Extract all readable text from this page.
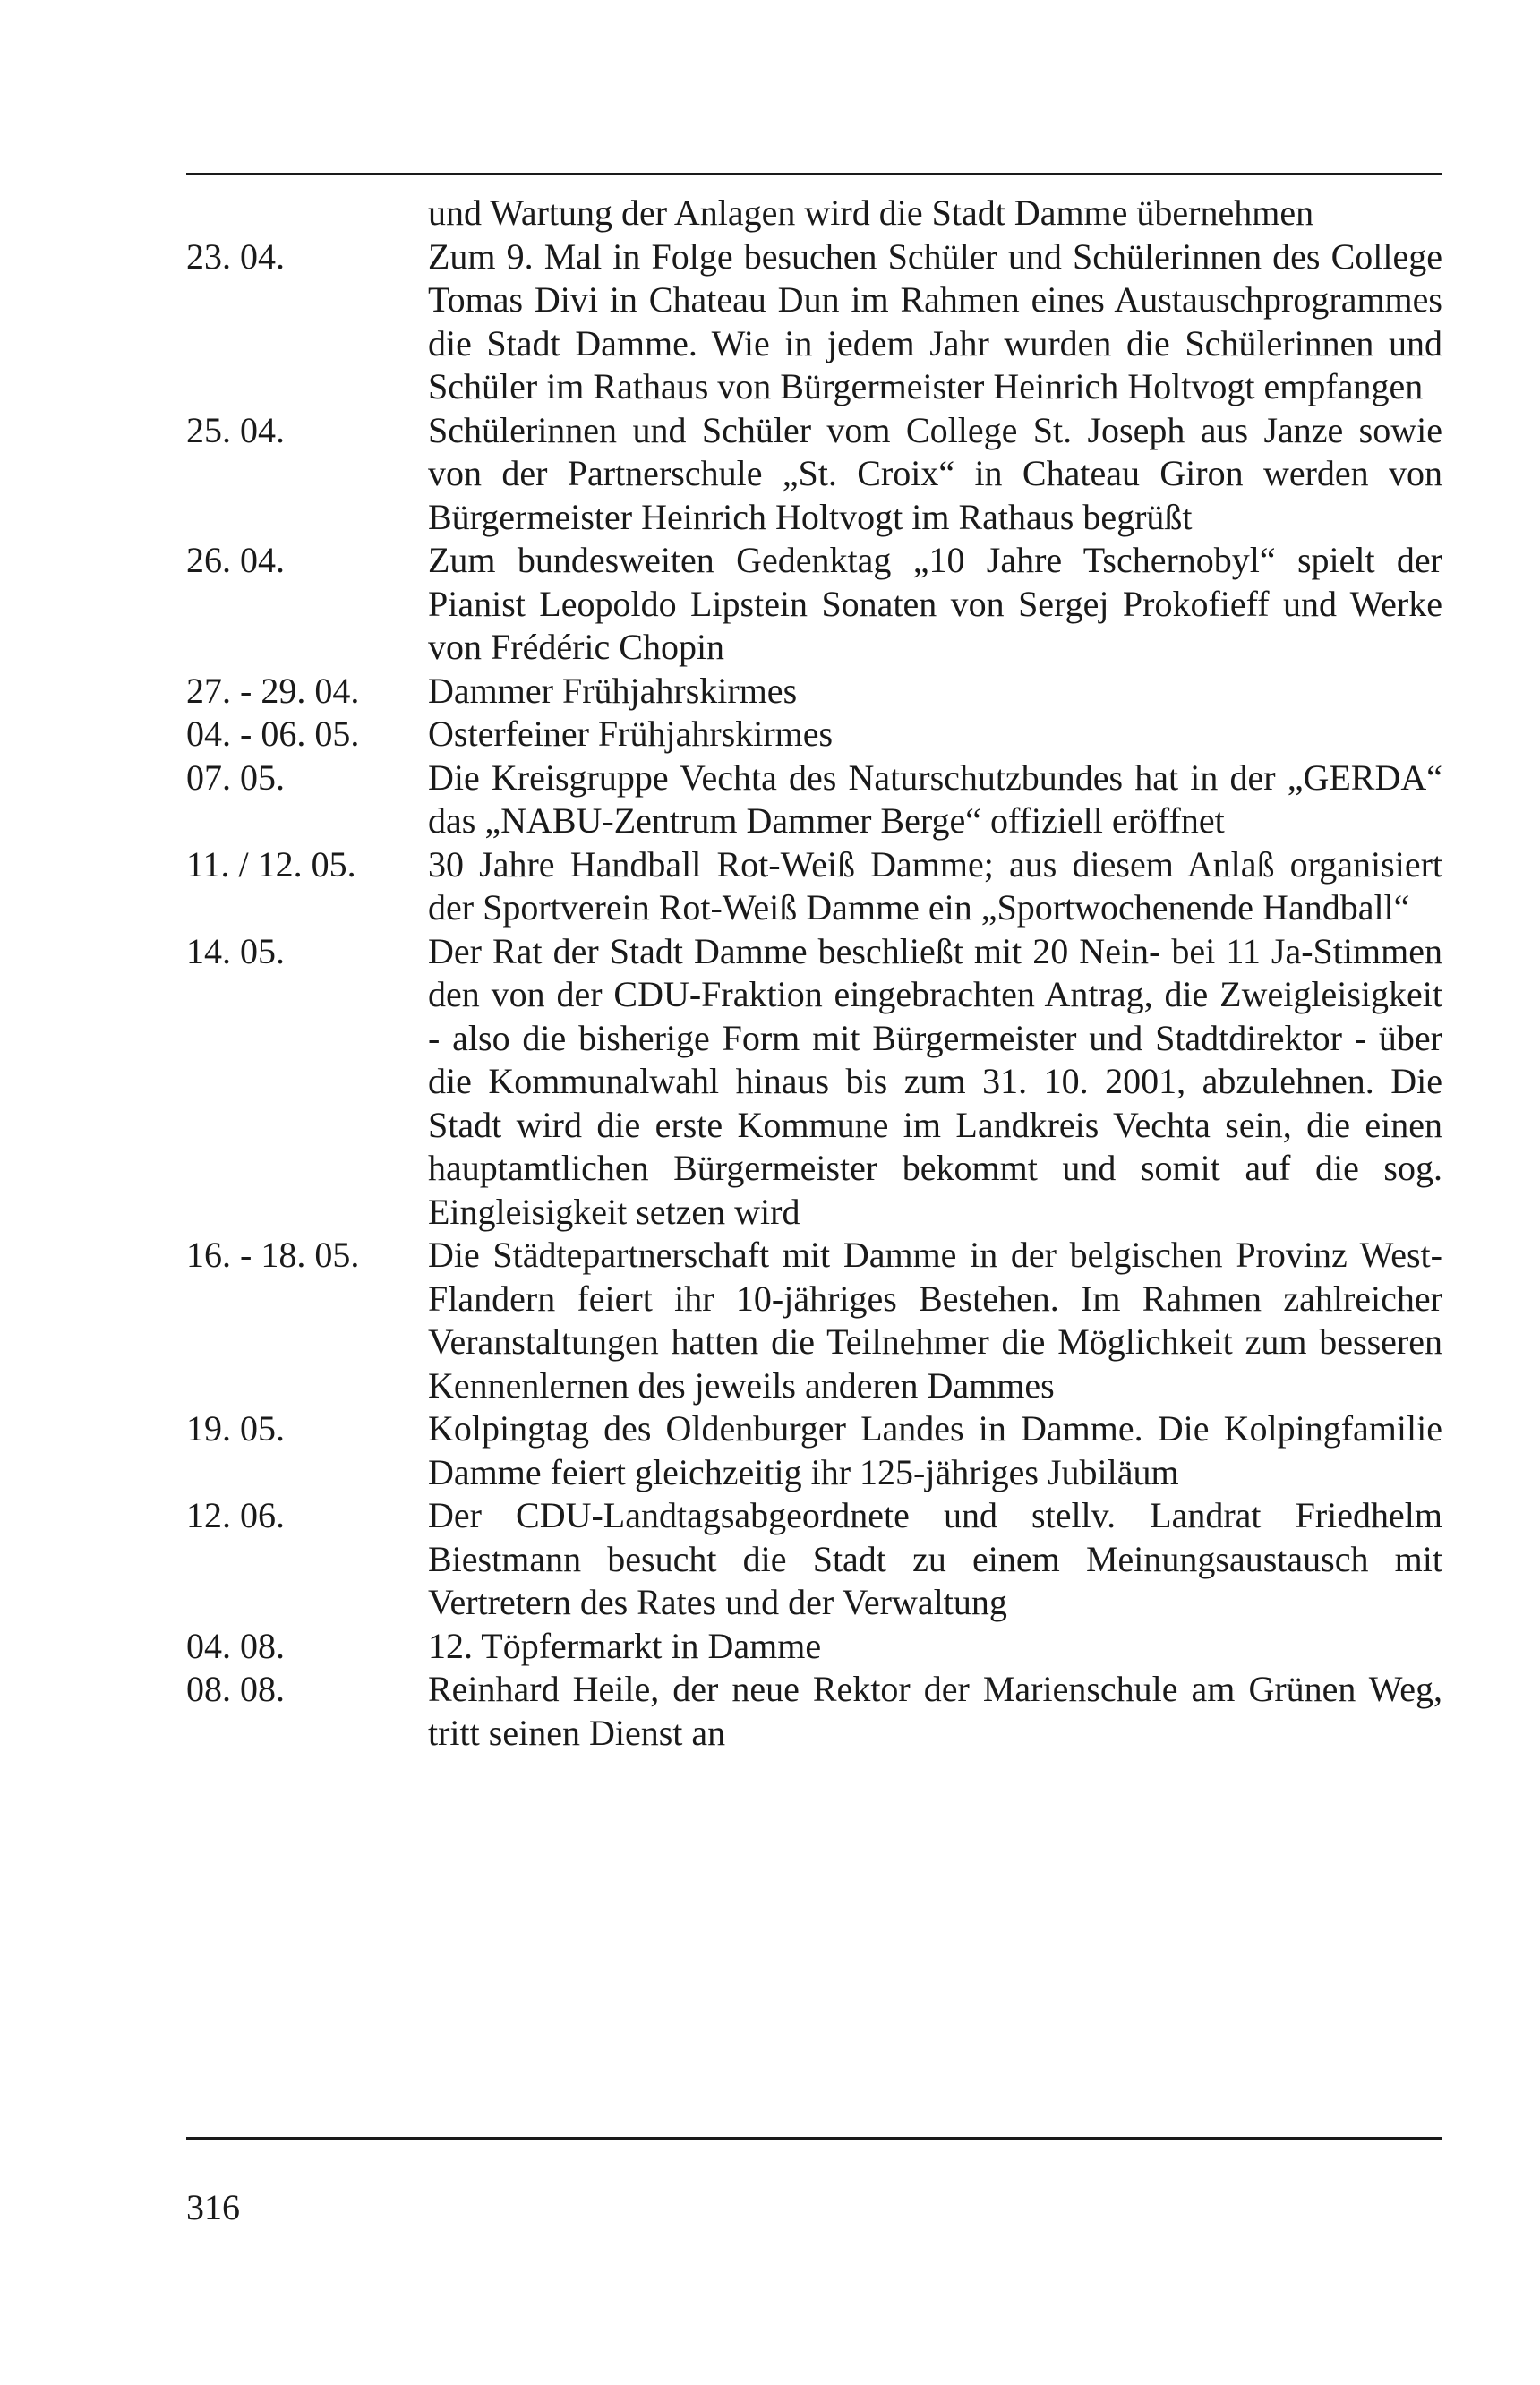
und Wartung der Anlagen wird die Stadt Damme übernehmen
23. 04.	Zum 9. Mal in Folge besuchen Schüler und Schülerinnen des College Tomas Divi in Chateau Dun im Rahmen eines Austauschprogrammes die Stadt Damme. Wie in jedem Jahr wurden die Schülerinnen und Schüler im Rathaus von Bürgermeister Heinrich Holtvogt empfangen
25. 04.	Schülerinnen und Schüler vom College St. Joseph aus Janze sowie von der Partnerschule „St. Croix“ in Chateau Giron werden von Bürgermeister Heinrich Holtvogt im Rathaus begrüßt
26. 04.	Zum bundesweiten Gedenktag „10 Jahre Tschernobyl“ spielt der Pianist Leopoldo Lipstein Sonaten von Sergej Prokofieff und Werke von Frédéric Chopin
27. - 29. 04.	Dammer Frühjahrskirmes
04. - 06. 05.	Osterfeiner Frühjahrskirmes
07. 05.	Die Kreisgruppe Vechta des Naturschutzbundes hat in der „GERDA“ das „NABU-Zentrum Dammer Berge“ offiziell eröffnet
11. / 12. 05.	30 Jahre Handball Rot-Weiß Damme; aus diesem Anlaß organisiert der Sportverein Rot-Weiß Damme ein „Sportwochenende Handball“
14. 05.	Der Rat der Stadt Damme beschließt mit 20 Nein- bei 11 Ja-Stimmen den von der CDU-Fraktion eingebrachten Antrag, die Zweigleisigkeit - also die bisherige Form mit Bürgermeister und Stadtdirektor - über die Kommunalwahl hinaus bis zum 31. 10. 2001, abzulehnen. Die Stadt wird die erste Kommune im Landkreis Vechta sein, die einen hauptamtlichen Bürgermeister bekommt und somit auf die sog. Eingleisigkeit setzen wird
16. - 18. 05.	Die Städtepartnerschaft mit Damme in der belgischen Provinz West-Flandern feiert ihr 10-jähriges Bestehen. Im Rahmen zahlreicher Veranstaltungen hatten die Teilnehmer die Möglichkeit zum besseren Kennenlernen des jeweils anderen Dammes
19. 05.	Kolpingtag des Oldenburger Landes in Damme. Die Kolpingfamilie Damme feiert gleichzeitig ihr 125-jähriges Jubiläum
12. 06.	Der CDU-Landtagsabgeordnete und stellv. Landrat Friedhelm Biestmann besucht die Stadt zu einem Meinungsaustausch mit Vertretern des Rates und der Verwaltung
04. 08.	12. Töpfermarkt in Damme
08. 08.	Reinhard Heile, der neue Rektor der Marienschule am Grünen Weg, tritt seinen Dienst an
316
